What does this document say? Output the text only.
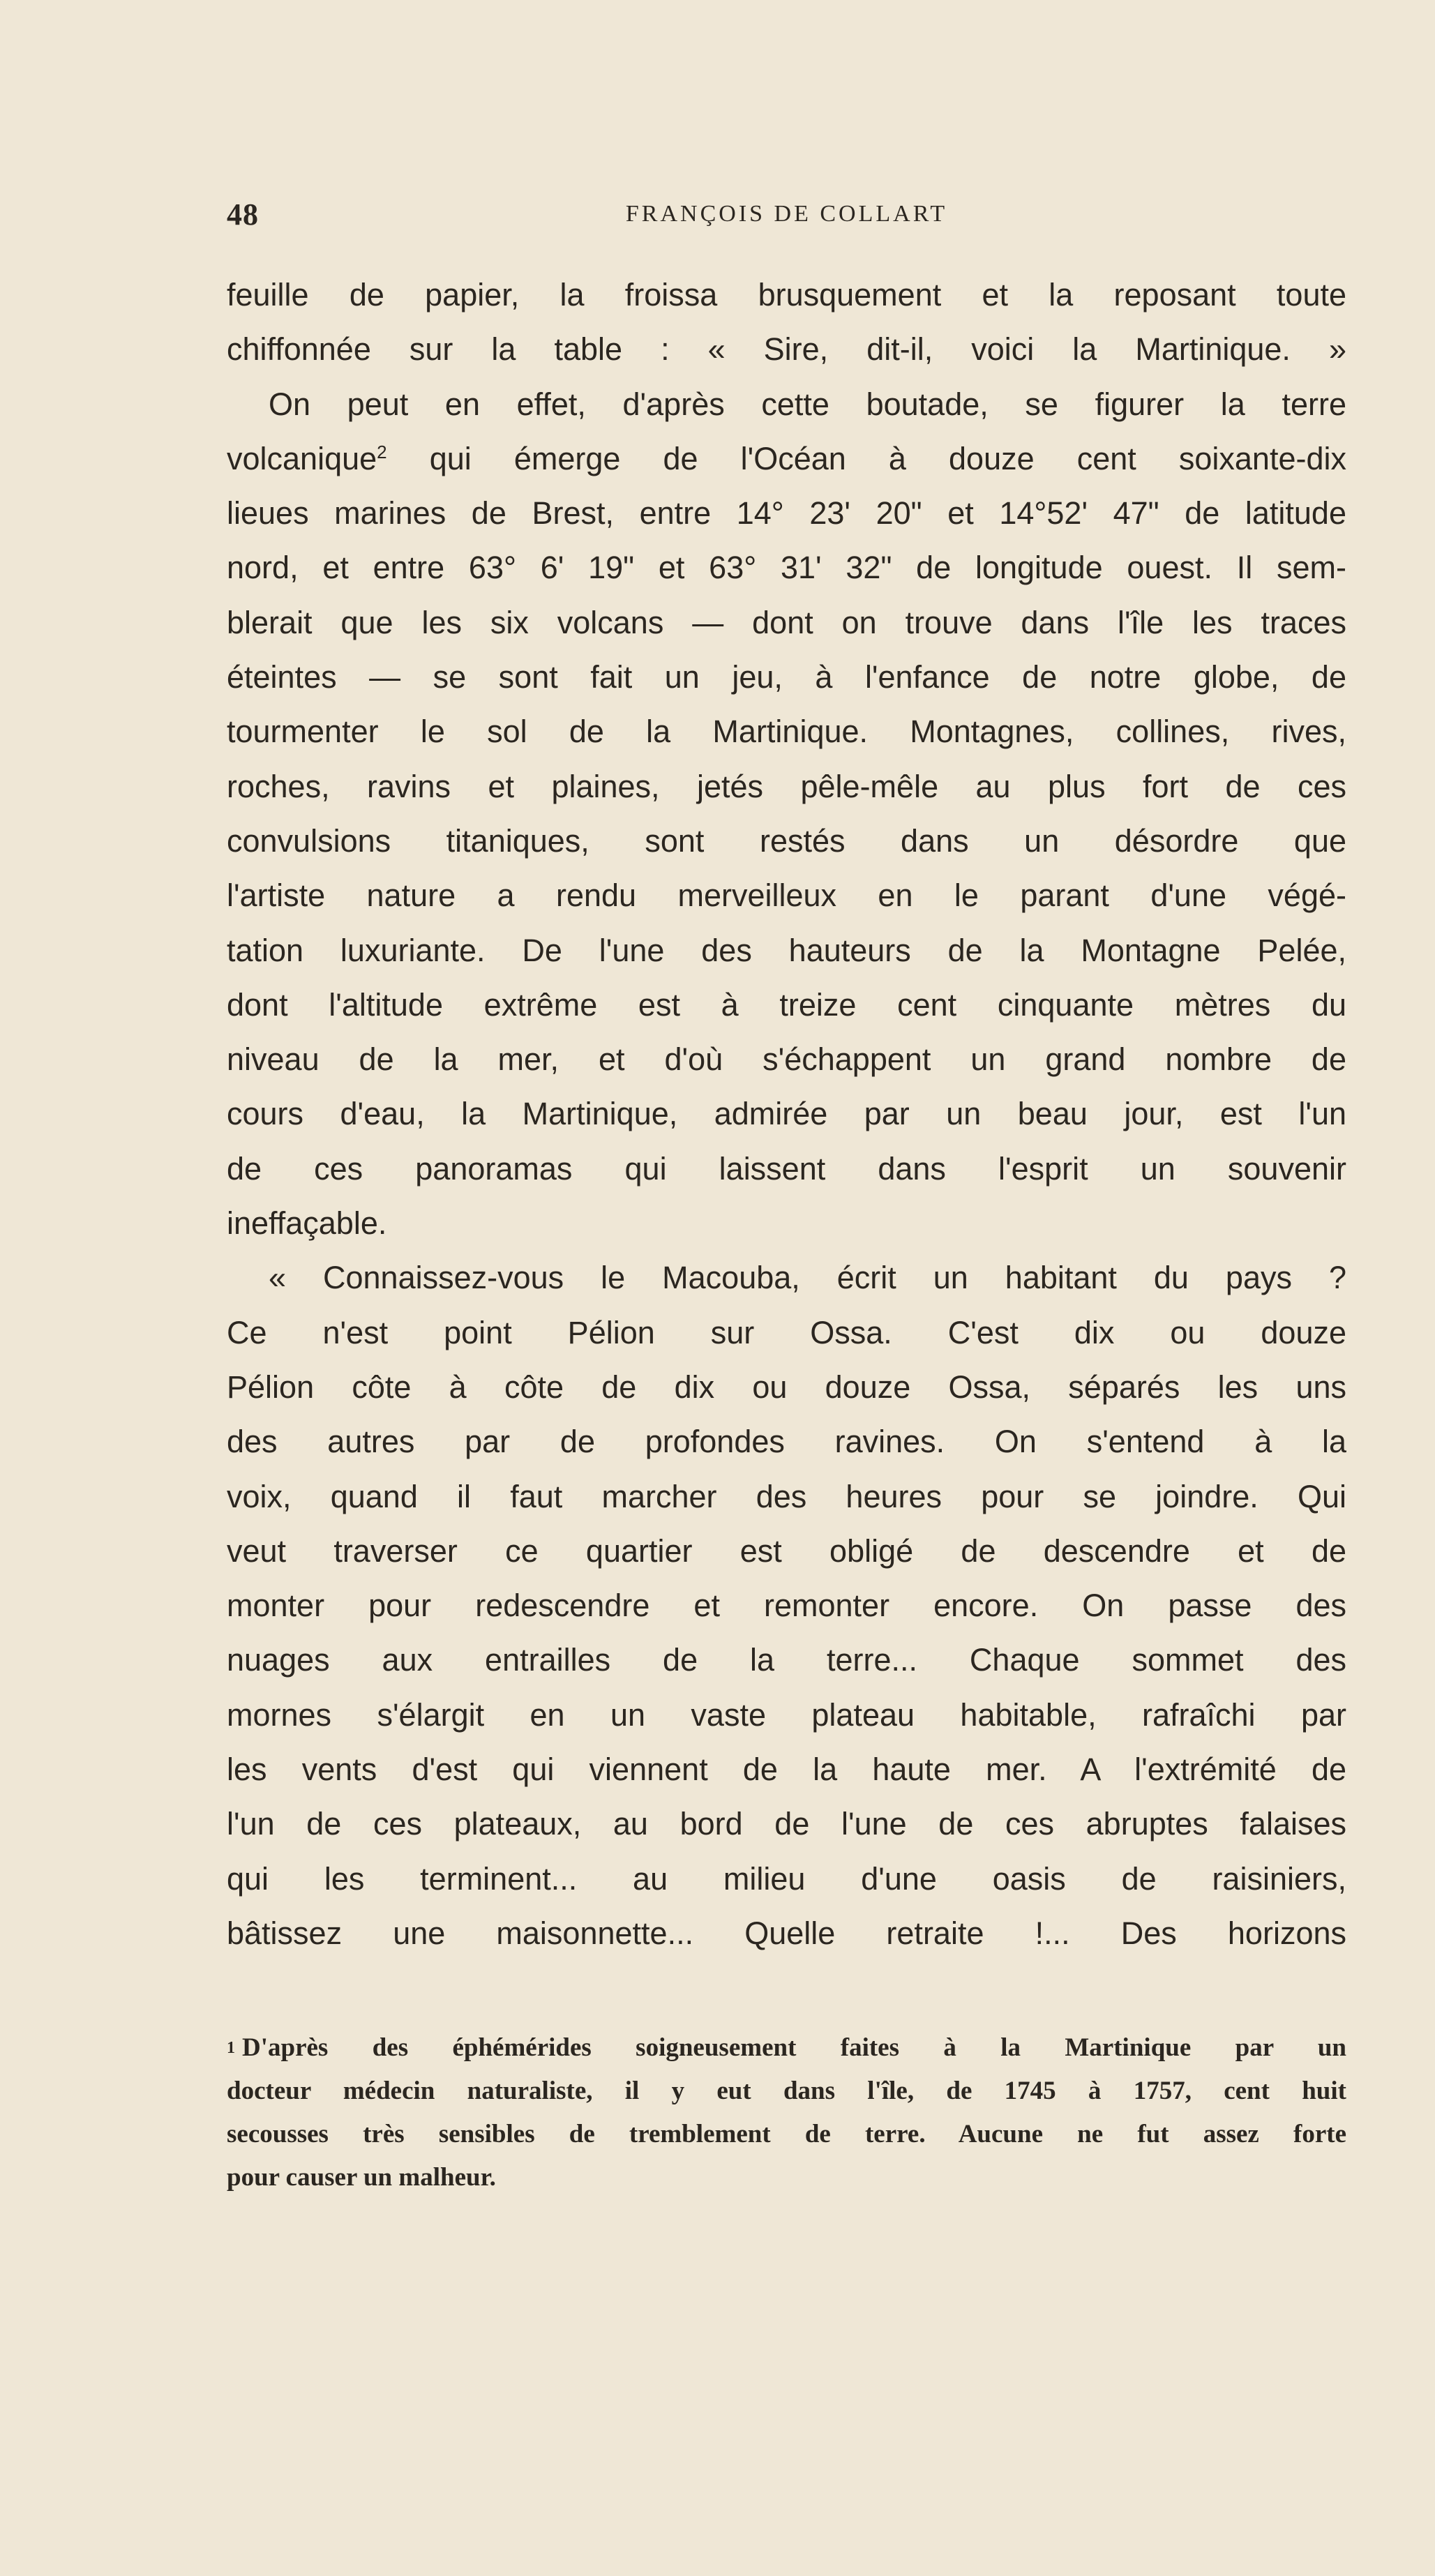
48	FRANÇOIS DE COLLART
feuille de papier, la froissa brusquement et la reposant toute
chiffonnée sur la table : « Sire, dit-il, voici la Martinique. »
On peut en effet, d'après cette boutade, se figurer la terre
volcanique$^2$ qui émerge de l'Océan à douze cent soixante-dix
lieues marines de Brest, entre 14° 23' 20" et 14°52' 47" de latitude
nord, et entre 63° 6' 19" et 63° 31' 32" de longitude ouest. Il sem-
blerait que les six volcans — dont on trouve dans l'île les traces
éteintes — se sont fait un jeu, à l'enfance de notre globe, de
tourmenter le sol de la Martinique. Montagnes, collines, rives,
roches, ravins et plaines, jetés pêle-mêle au plus fort de ces
convulsions titaniques, sont restés dans un désordre que
l'artiste nature a rendu merveilleux en le parant d'une végé-
tation luxuriante. De l'une des hauteurs de la Montagne Pelée,
dont l'altitude extrême est à treize cent cinquante mètres du
niveau de la mer, et d'où s'échappent un grand nombre de
cours d'eau, la Martinique, admirée par un beau jour, est l'un
de ces panoramas qui laissent dans l'esprit un souvenir
ineffaçable.
« Connaissez-vous le Macouba, écrit un habitant du pays ?
Ce n'est point Pélion sur Ossa. C'est dix ou douze
Pélion côte à côte de dix ou douze Ossa, séparés les uns
des autres par de profondes ravines. On s'entend à la
voix, quand il faut marcher des heures pour se joindre. Qui
veut traverser ce quartier est obligé de descendre et de
monter pour redescendre et remonter encore. On passe des
nuages aux entrailles de la terre... Chaque sommet des
mornes s'élargit en un vaste plateau habitable, rafraîchi par
les vents d'est qui viennent de la haute mer. A l'extrémité de
l'un de ces plateaux, au bord de l'une de ces abruptes falaises
qui les terminent... au milieu d'une oasis de raisiniers,
bâtissez une maisonnette... Quelle retraite !... Des horizons
$^1$ D'après des éphémérides soigneusement faites à la Martinique par un
docteur médecin naturaliste, il y eut dans l'île, de 1745 à 1757, cent huit
secousses très sensibles de tremblement de terre. Aucune ne fut assez forte
pour causer un malheur.
